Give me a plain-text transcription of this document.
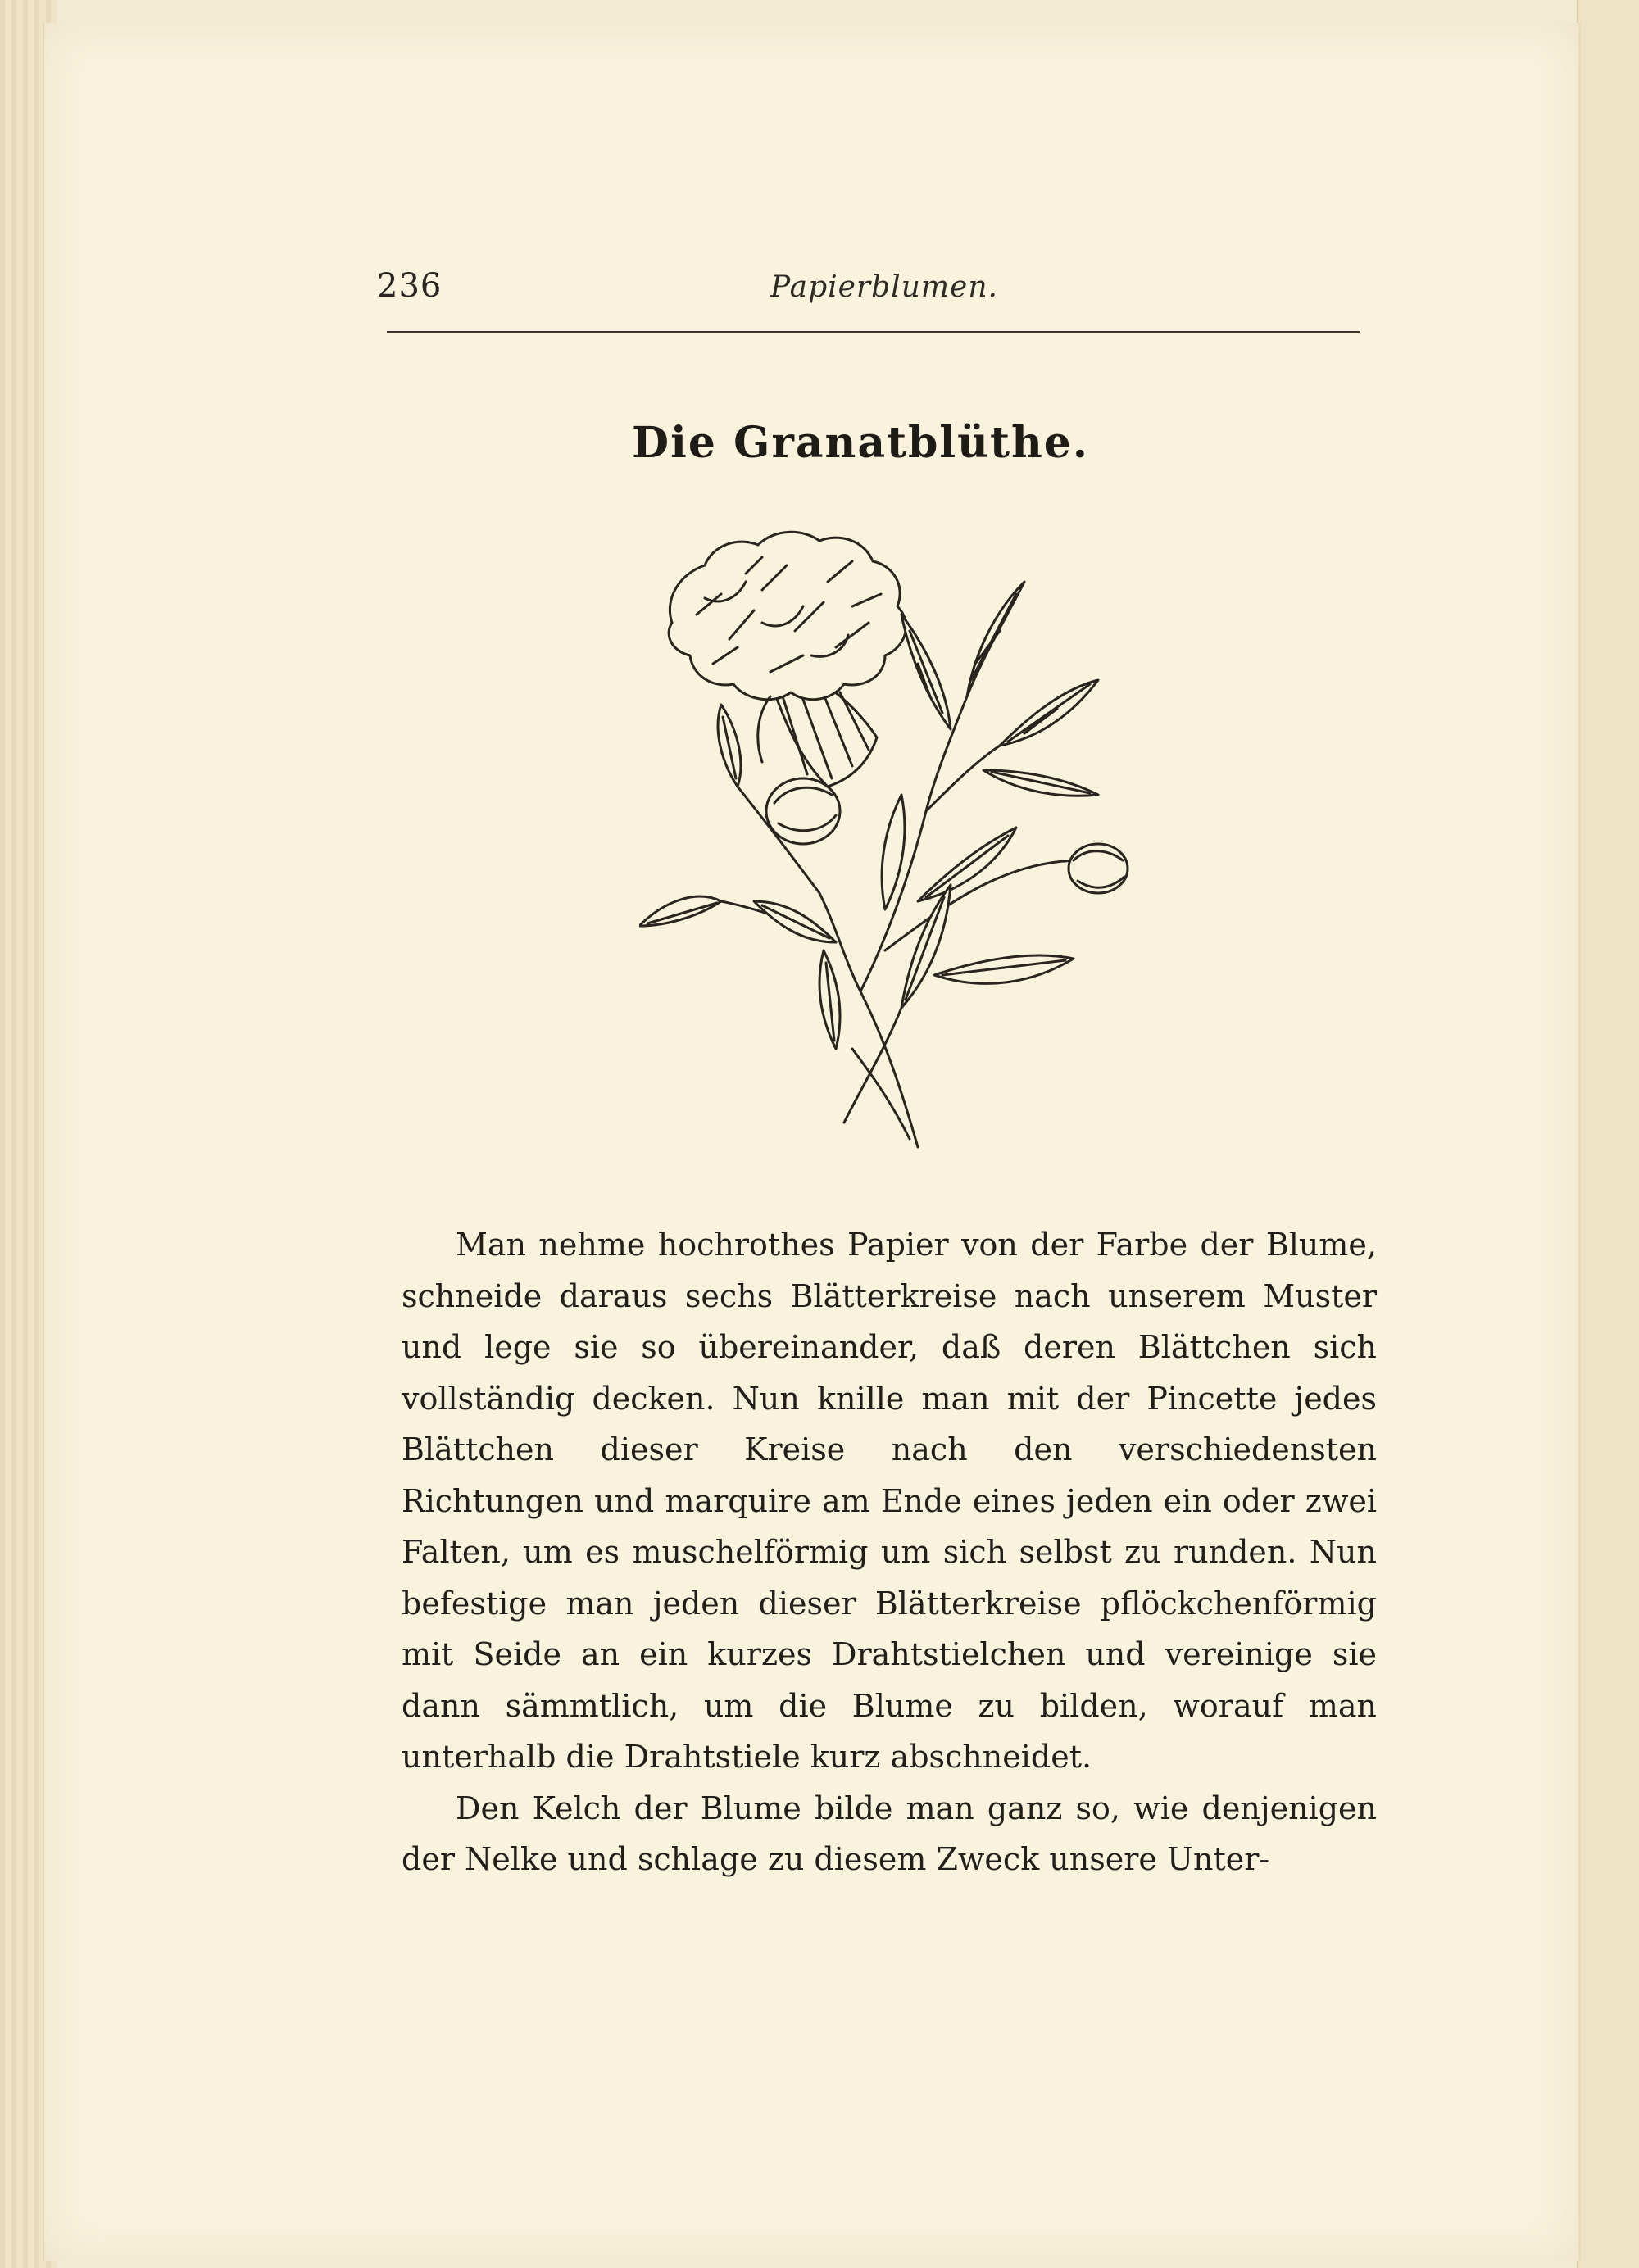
236	Papierblumen.
Die Granatblüthe.

Man nehme hochrothes Papier von der Farbe der Blume, schneide daraus sechs Blätterkreise nach unserem Muster und lege sie so übereinander, daß deren Blättchen sich vollständig decken. Nun knille man mit der Pincette jedes Blättchen dieser Kreise nach den verschiedensten Richtungen und marquire am Ende eines jeden ein oder zwei Falten, um es muschelförmig um sich selbst zu runden. Nun befestige man jeden dieser Blätterkreise pflöckchenförmig mit Seide an ein kurzes Drahtstielchen und vereinige sie dann sämmtlich, um die Blume zu bilden, worauf man unterhalb die Drahtstiele kurz abschneidet.

Den Kelch der Blume bilde man ganz so, wie denjenigen der Nelke und schlage zu diesem Zweck unsere Unter-
